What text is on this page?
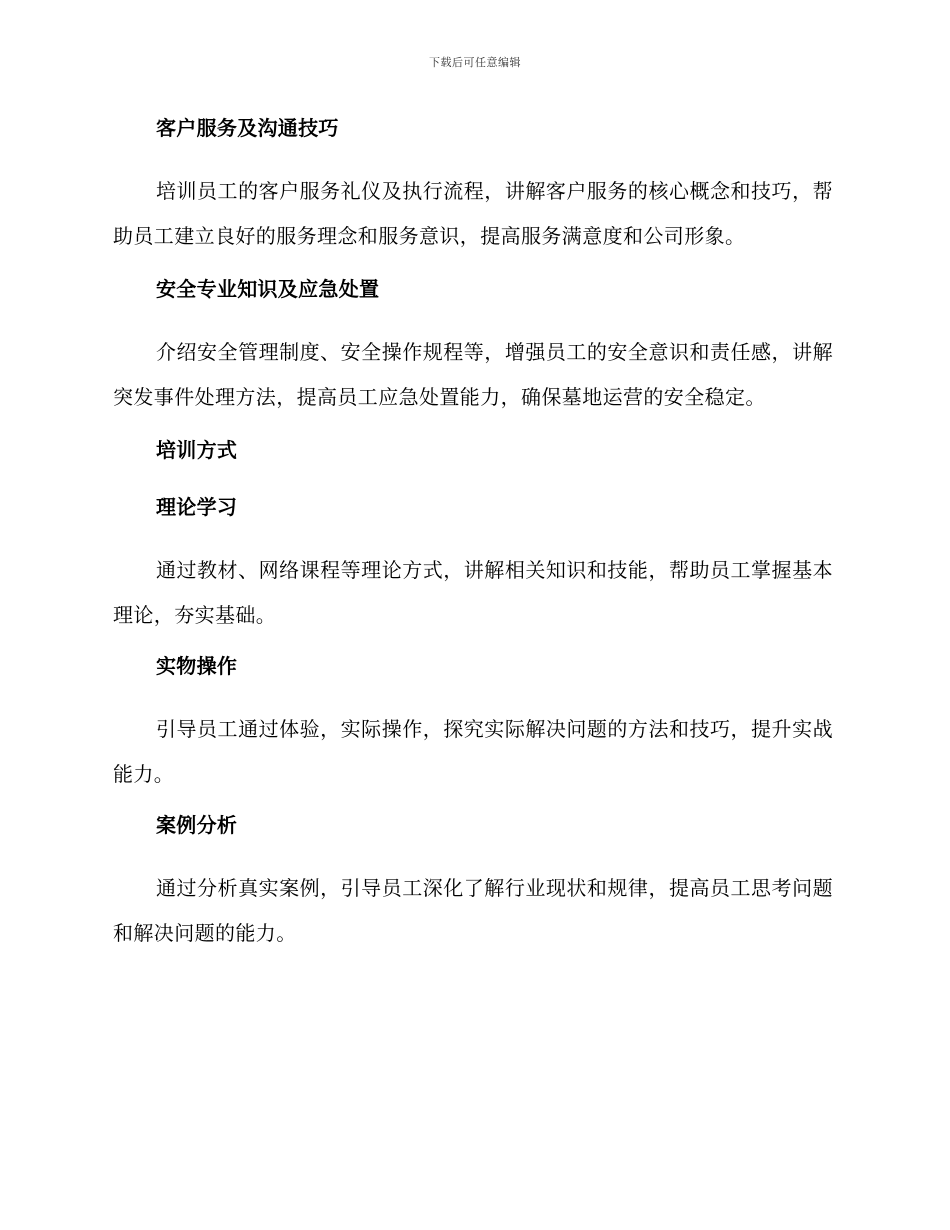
下载后可任意编辑
客户服务及沟通技巧
培训员工的客户服务礼仪及执行流程，讲解客户服务的核心概念和技巧，帮助员工建立良好的服务理念和服务意识，提高服务满意度和公司形象。
安全专业知识及应急处置
介绍安全管理制度、安全操作规程等，增强员工的安全意识和责任感，讲解突发事件处理方法，提高员工应急处置能力，确保墓地运营的安全稳定。
培训方式
理论学习
通过教材、网络课程等理论方式，讲解相关知识和技能，帮助员工掌握基本理论，夯实基础。
实物操作
引导员工通过体验，实际操作，探究实际解决问题的方法和技巧，提升实战能力。
案例分析
通过分析真实案例，引导员工深化了解行业现状和规律，提高员工思考问题和解决问题的能力。
